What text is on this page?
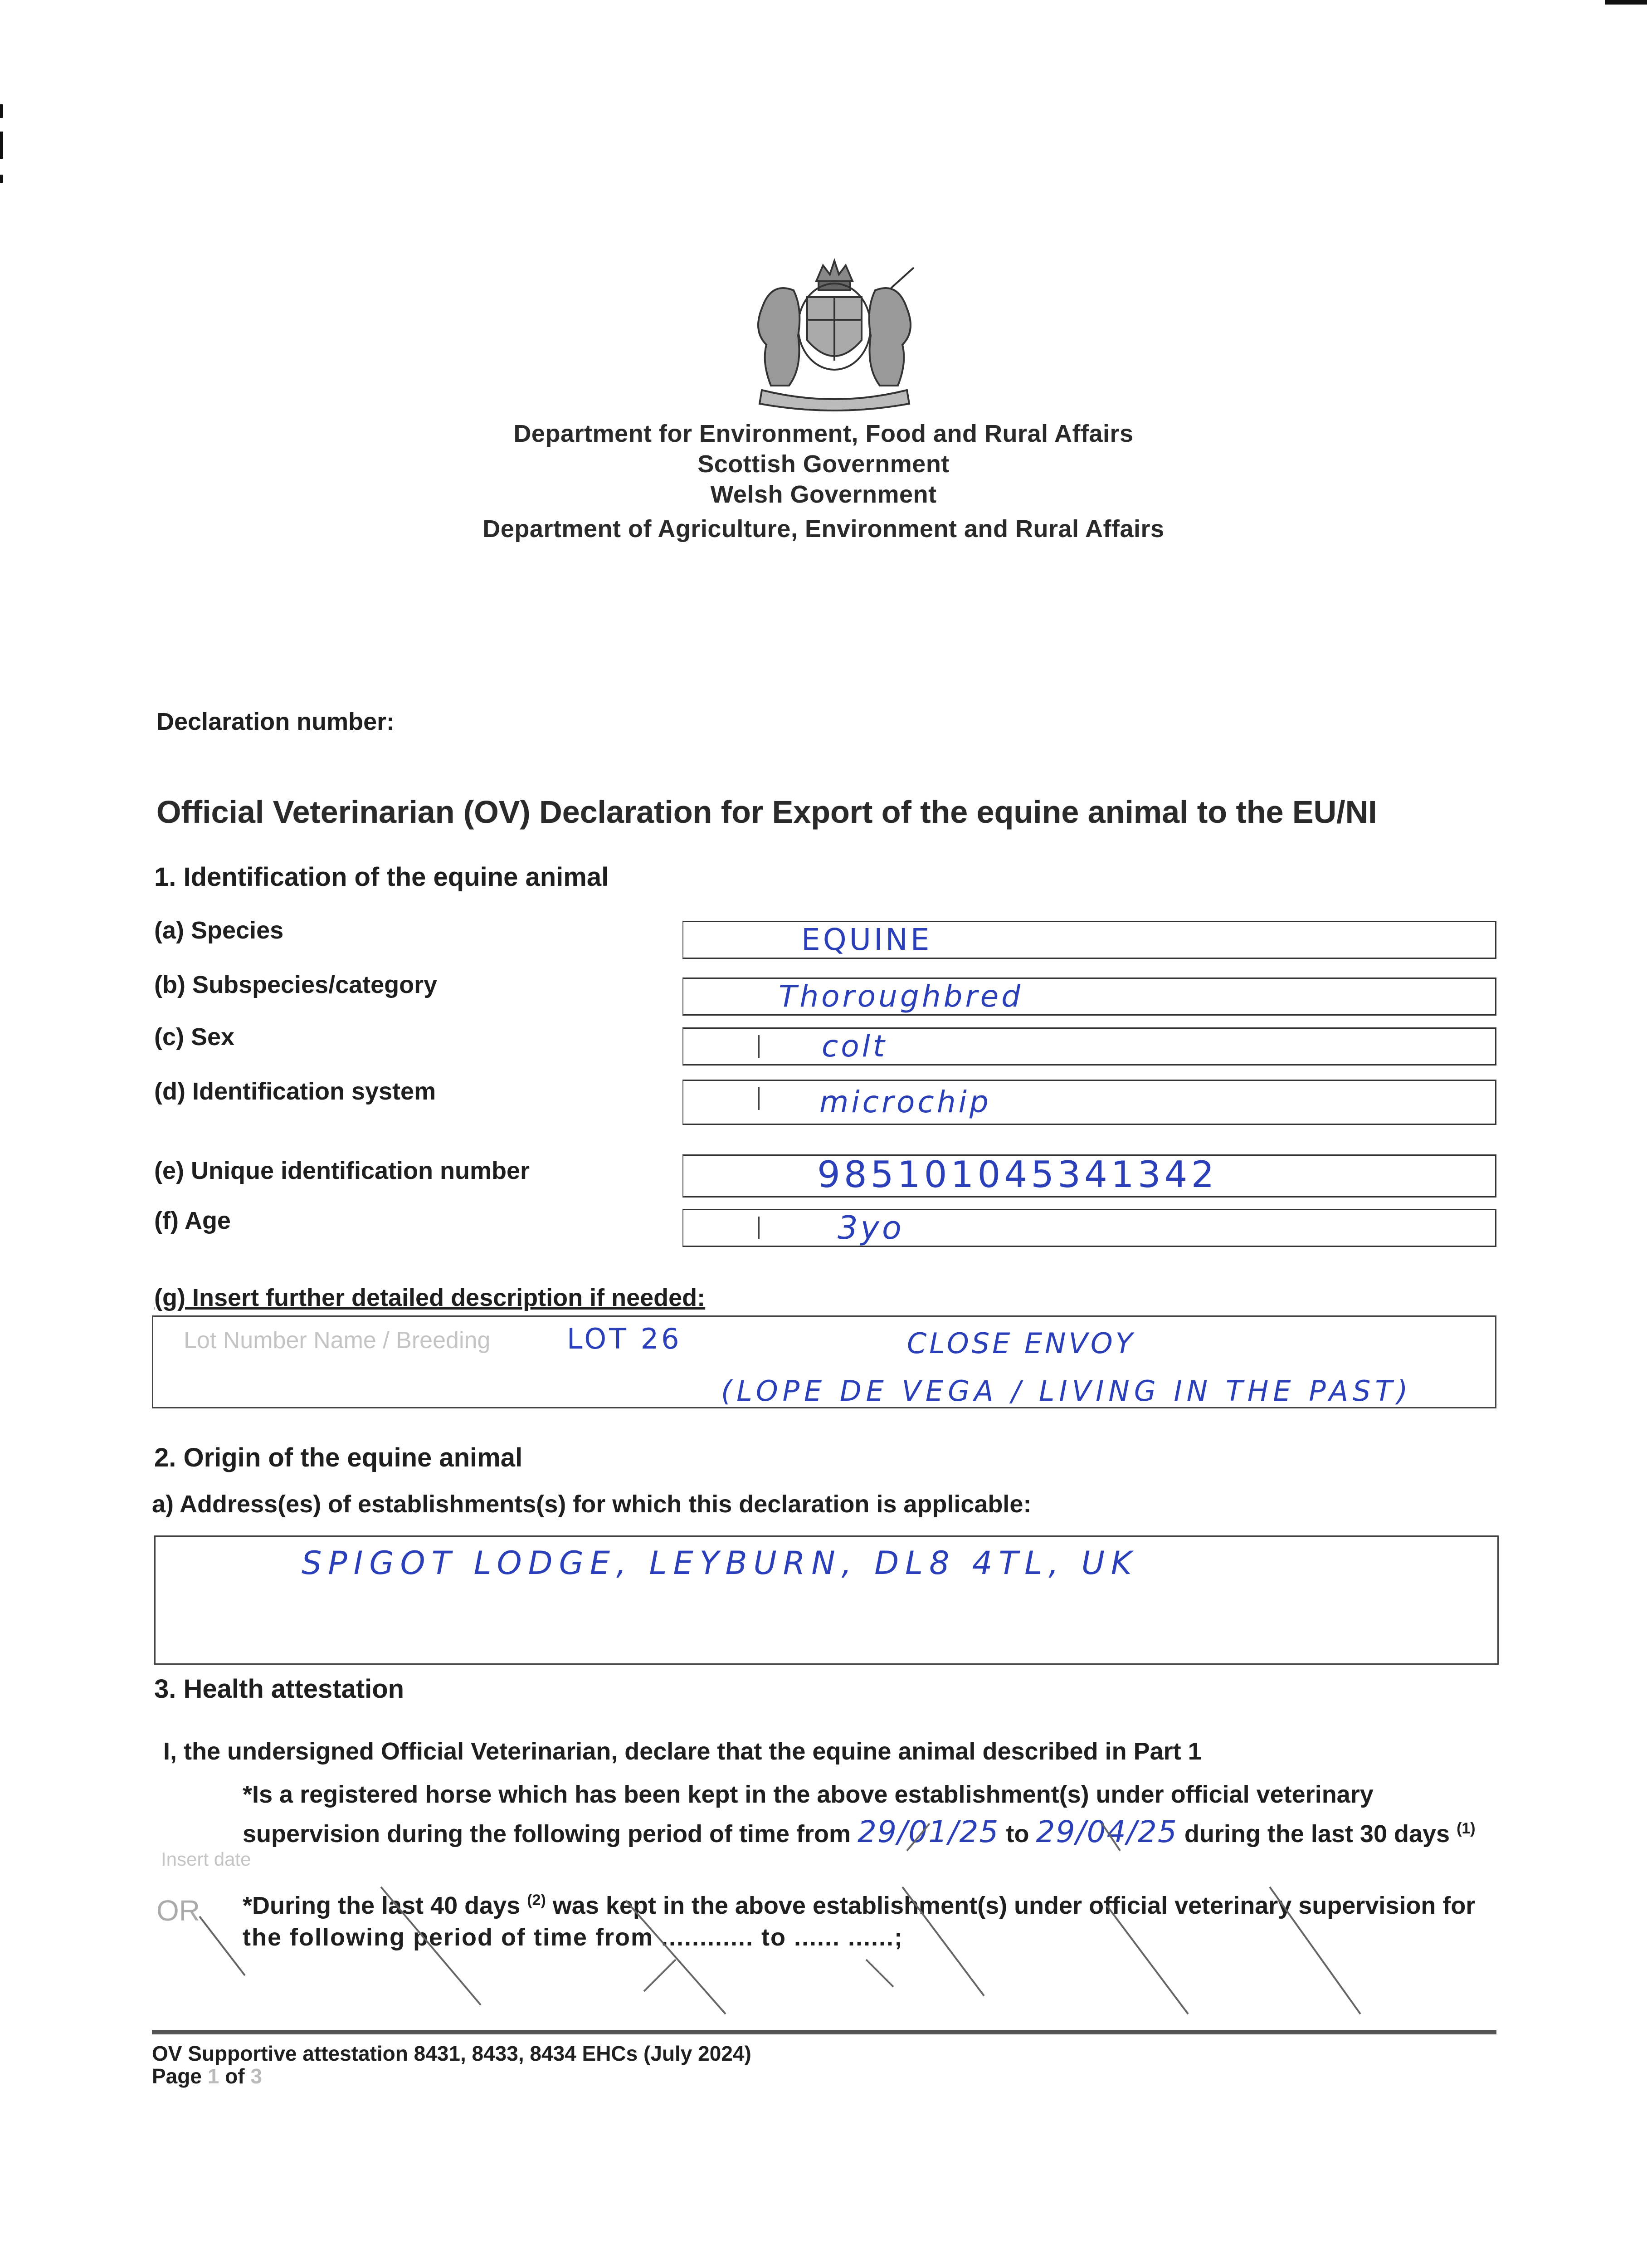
Department for Environment, Food and Rural Affairs
Scottish Government
Welsh Government
Department of Agriculture, Environment and Rural Affairs
Declaration number:
Official Veterinarian (OV) Declaration for Export of the equine animal to the EU/NI
1. Identification of the equine animal
(a) Species	EQUINE
(b) Subspecies/category	Thoroughbred
(c) Sex	colt
(d) Identification system	microchip
(e) Unique identification number	985101045341342
(f) Age	3yo
(g) Insert further detailed description if needed:
Lot Number Name / Breeding	LOT 26	CLOSE ENVOY
(LOPE DE VEGA / LIVING IN THE PAST)
2. Origin of the equine animal
a) Address(es) of establishments(s) for which this declaration is applicable:
SPIGOT LODGE, LEYBURN, DL8 4TL, UK
3. Health attestation
I, the undersigned Official Veterinarian, declare that the equine animal described in Part 1
*Is a registered horse which has been kept in the above establishment(s) under official veterinary
supervision during the following period of time from 29/01/25 to 29/04/25 during the last 30 days $^{(1)}$
Insert date
OR *During the last 40 days $^{(2)}$ was kept in the above establishment(s) under official veterinary supervision for
the following period of time from ............ to ...... ......;
OV Supportive attestation 8431, 8433, 8434 EHCs (July 2024)
Page 1 of 3
